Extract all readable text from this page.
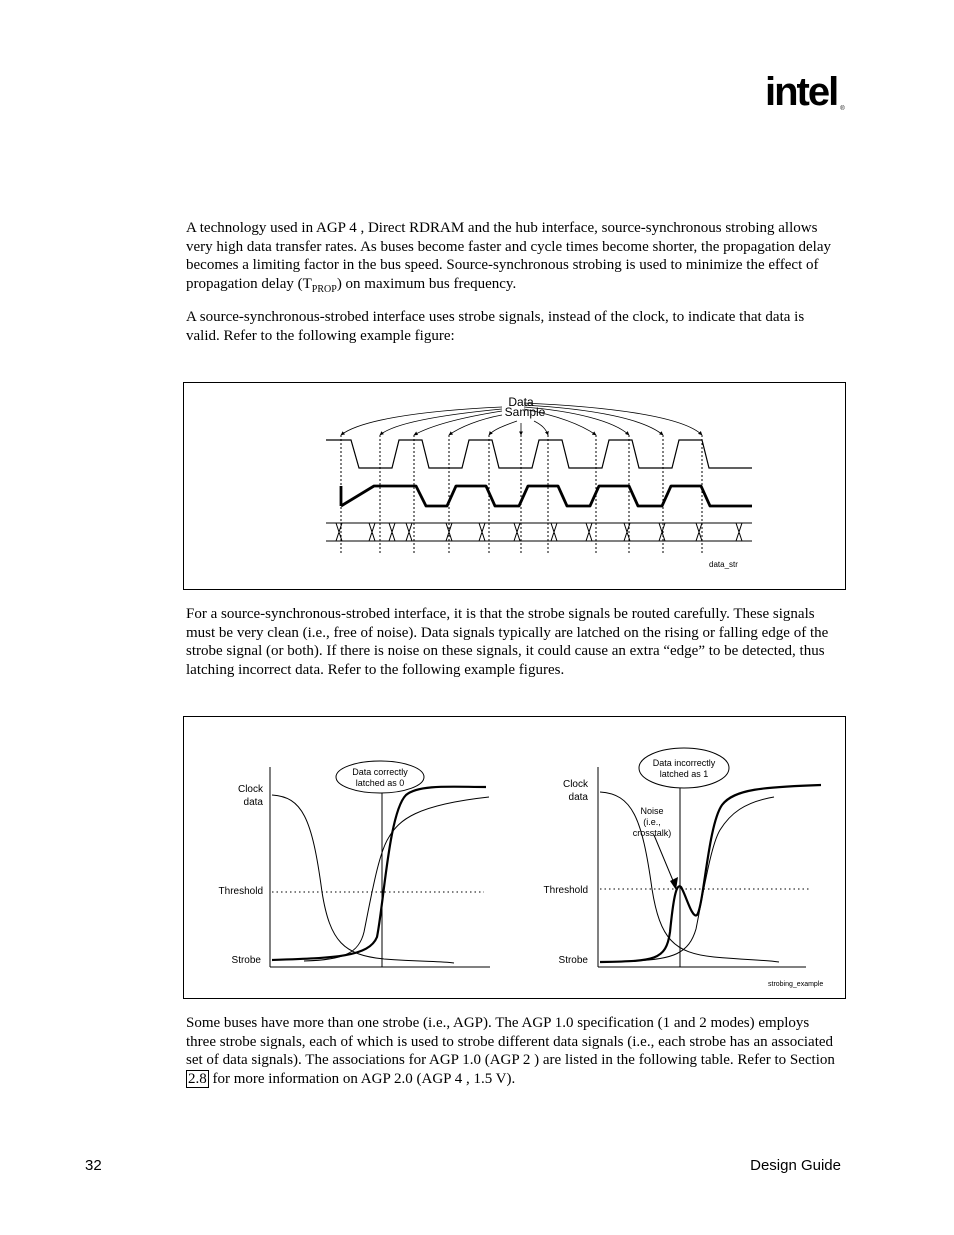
intel ®

A technology used in AGP 4 , Direct RDRAM and the hub interface, source-synchronous strobing allows very high data transfer rates. As buses become faster and cycle times become shorter, the propagation delay becomes a limiting factor in the bus speed. Source-synchronous strobing is used to minimize the effect of propagation delay $(T_{PROP})$ on maximum bus frequency.

A source-synchronous-strobed interface uses strobe signals, instead of the clock, to indicate that data is valid. Refer to the following example figure:

Data
Sample
data_str

For a source-synchronous-strobed interface, it is that the strobe signals be routed carefully. These signals must be very clean (i.e., free of noise). Data signals typically are latched on the rising or falling edge of the strobe signal (or both). If there is noise on these signals, it could cause an extra “edge” to be detected, thus latching incorrect data. Refer to the following example figures.

Data correctly
latched as 0
Clock
data
Threshold
Strobe
Data incorrectly
latched as 1
Noise
(i.e.,
crosstalk)
Clock
data
Threshold
Strobe
strobing_example

Some buses have more than one strobe (i.e., AGP). The AGP 1.0 specification (1 and 2 modes) employs three strobe signals, each of which is used to strobe different data signals (i.e., each strobe has an associated set of data signals). The associations for AGP 1.0 (AGP 2 ) are listed in the following table. Refer to Section 2.8 for more information on AGP 2.0 (AGP 4 , 1.5 V).

32	Design Guide
